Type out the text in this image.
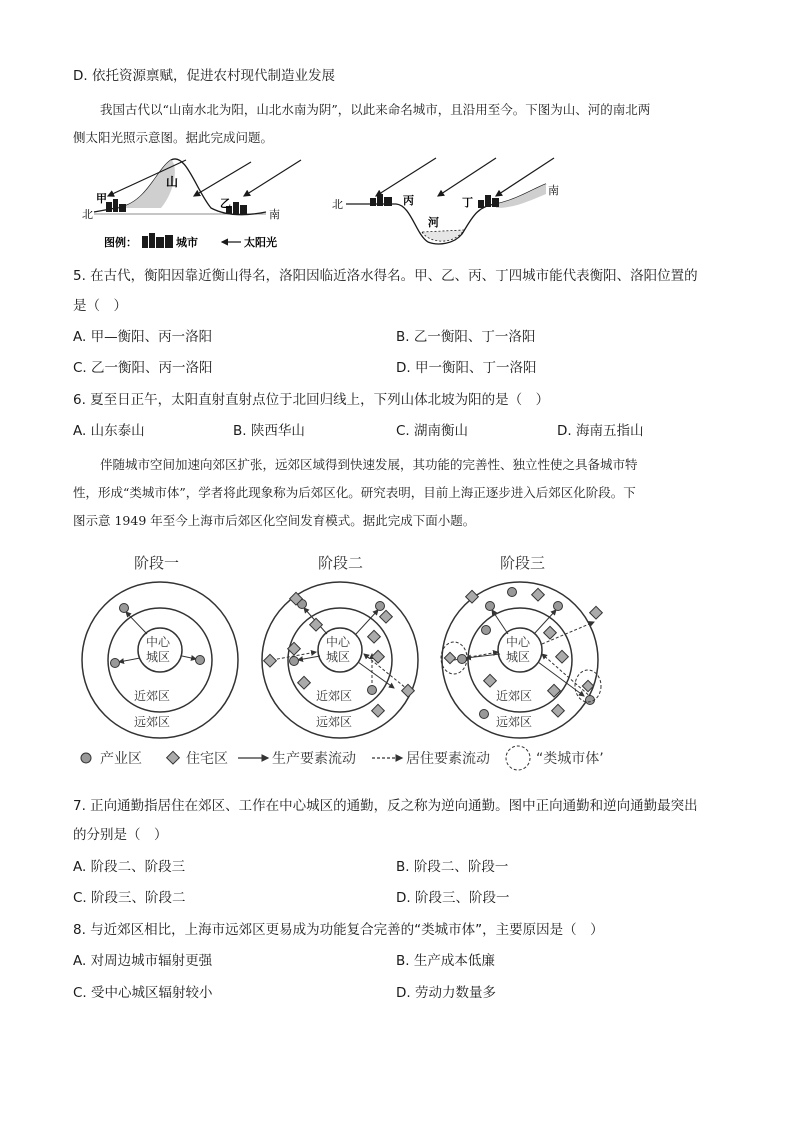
D. 依托资源禀赋，促进农村现代制造业发展
我国古代以“山南水北为阳，山北水南为阴”，以此来命名城市，且沿用至今。下图为山、河的南北两
侧太阳光照示意图。据此完成问题。
北	南
山
甲	乙	北
南
河
丙	丁
图例：	城市	太阳光
5. 在古代，衡阳因靠近衡山得名，洛阳因临近洛水得名。甲、乙、丙、丁四城市能代表衡阳、洛阳位置的
是（　）
A. 甲—衡阳、丙一洛阳	B. 乙一衡阳、丁一洛阳
C. 乙一衡阳、丙一洛阳	D. 甲一衡阳、丁一洛阳
6. 夏至日正午，太阳直射直射点位于北回归线上，下列山体北坡为阳的是（　）
A. 山东泰山	B. 陕西华山	C. 湖南衡山	D. 海南五指山
伴随城市空间加速向郊区扩张，远郊区域得到快速发展，其功能的完善性、独立性使之具备城市特
性，形成“类城市体”，学者将此现象称为后郊区化。研究表明，目前上海正逐步进入后郊区化阶段。下
图示意 1949 年至今上海市后郊区化空间发育模式。据此完成下面小题。
阶段一
中心
城区
近郊区
远郊区
阶段二
中心
城区
近郊区
远郊区
阶段三
中心
城区
近郊区
远郊区
产业区	住宅区	生产要素流动	居住要素流动	“类城市体’
7. 正向通勤指居住在郊区、工作在中心城区的通勤，反之称为逆向通勤。图中正向通勤和逆向通勤最突出
的分别是（　）
A. 阶段二、阶段三	B. 阶段二、阶段一
C. 阶段三、阶段二	D. 阶段三、阶段一
8. 与近郊区相比，上海市远郊区更易成为功能复合完善的“类城市体”，主要原因是（　）
A. 对周边城市辐射更强	B. 生产成本低廉
C. 受中心城区辐射较小	D. 劳动力数量多
